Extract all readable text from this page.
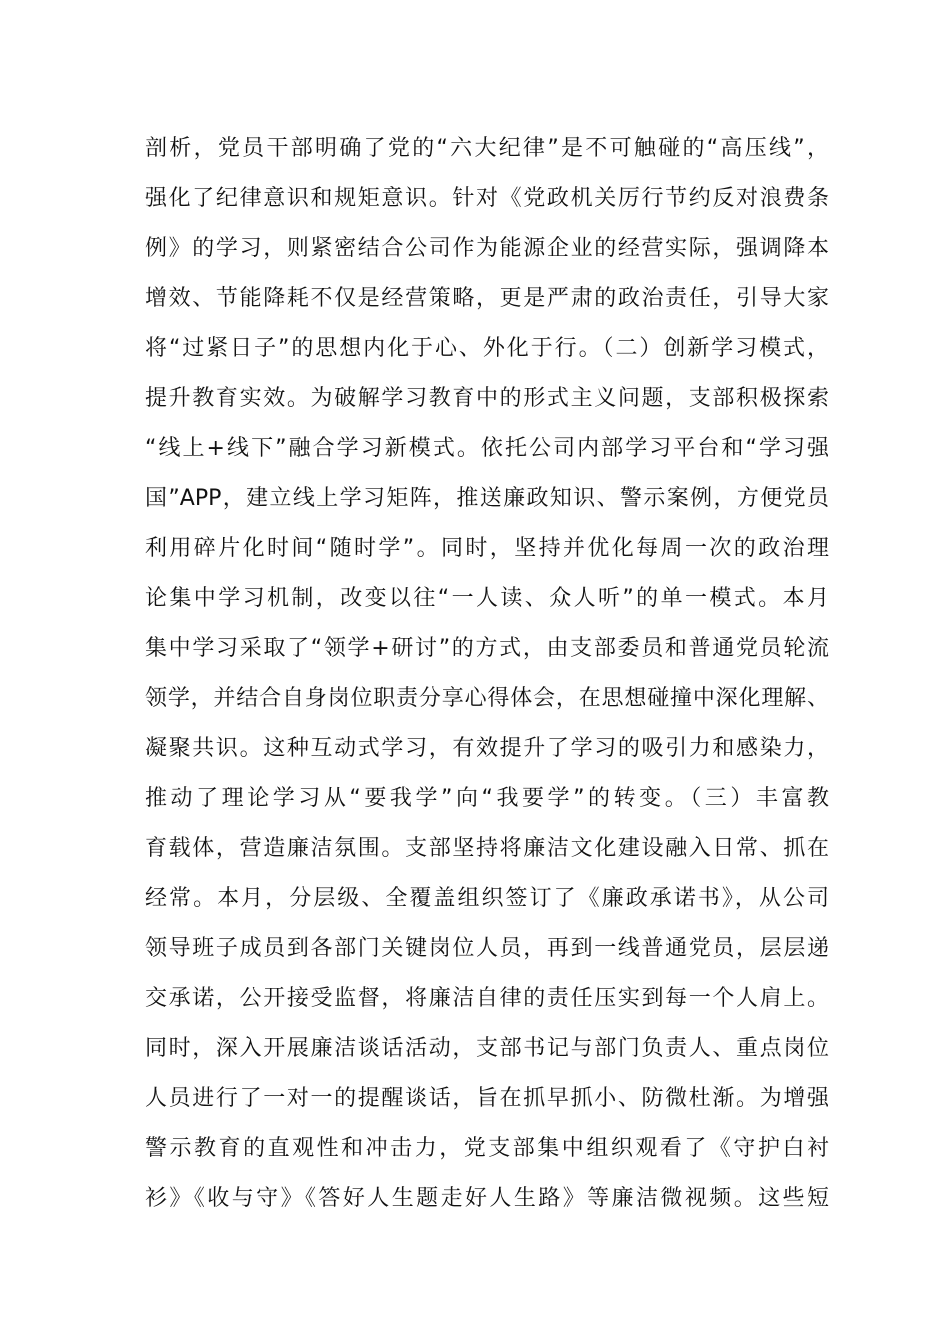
剖析，党员干部明确了党的“六大纪律”是不可触碰的“高压线”，
强化了纪律意识和规矩意识。针对《党政机关厉行节约反对浪费条
例》的学习，则紧密结合公司作为能源企业的经营实际，强调降本
增效、节能降耗不仅是经营策略，更是严肃的政治责任，引导大家
将“过紧日子”的思想内化于心、外化于行。（二）创新学习模式，
提升教育实效。为破解学习教育中的形式主义问题，支部积极探索
“线上+线下”融合学习新模式。依托公司内部学习平台和“学习强
国”APP，建立线上学习矩阵，推送廉政知识、警示案例，方便党员
利用碎片化时间“随时学”。同时，坚持并优化每周一次的政治理
论集中学习机制，改变以往“一人读、众人听”的单一模式。本月
集中学习采取了“领学+研讨”的方式，由支部委员和普通党员轮流
领学，并结合自身岗位职责分享心得体会，在思想碰撞中深化理解、
凝聚共识。这种互动式学习，有效提升了学习的吸引力和感染力，
推动了理论学习从“要我学”向“我要学”的转变。（三）丰富教
育载体，营造廉洁氛围。支部坚持将廉洁文化建设融入日常、抓在
经常。本月，分层级、全覆盖组织签订了《廉政承诺书》，从公司
领导班子成员到各部门关键岗位人员，再到一线普通党员，层层递
交承诺，公开接受监督，将廉洁自律的责任压实到每一个人肩上。
同时，深入开展廉洁谈话活动，支部书记与部门负责人、重点岗位
人员进行了一对一的提醒谈话，旨在抓早抓小、防微杜渐。为增强
警示教育的直观性和冲击力，党支部集中组织观看了《守护白衬
衫》《收与守》《答好人生题走好人生路》等廉洁微视频。这些短
